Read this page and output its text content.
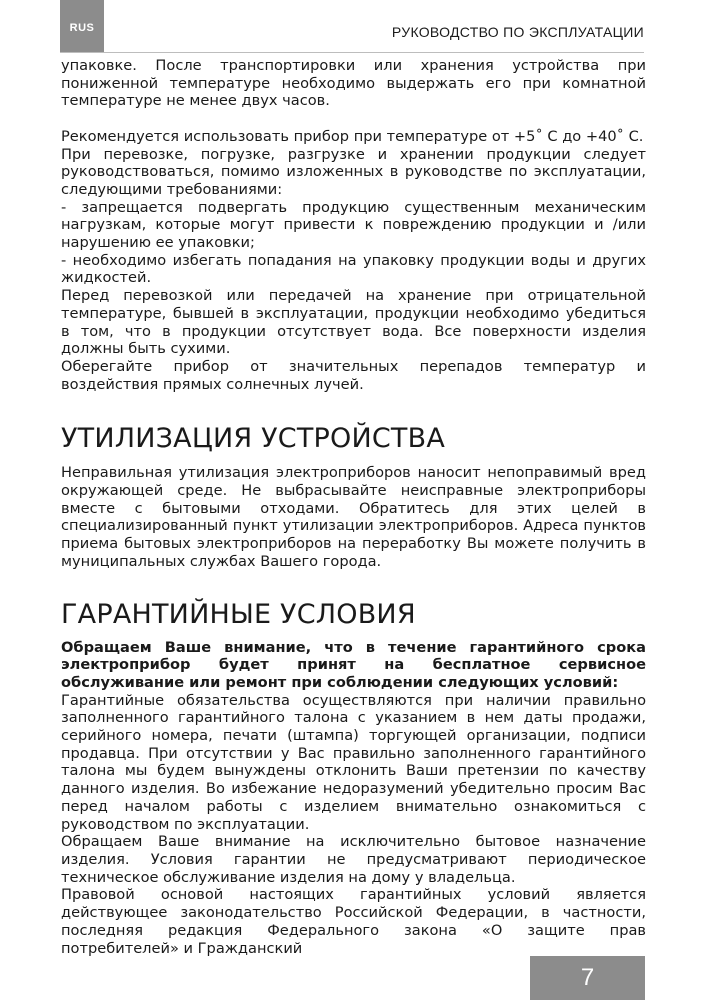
RUS	РУКОВОДСТВО ПО ЭКСПЛУАТАЦИИ

упаковке. После транспортировки или хранения устройства при пониженной температуре необходимо выдержать его при комнатной температуре не менее двух часов.

Рекомендуется использовать прибор при температуре от +5˚ С до +40˚ С.

При перевозке, погрузке, разгрузке и хранении продукции следует руководствоваться, помимо изложенных в руководстве по эксплуатации, следующими требованиями:

- запрещается подвергать продукцию существенным механическим нагрузкам, которые могут привести к повреждению продукции и /или нарушению ее упаковки;

- необходимо избегать попадания на упаковку продукции воды и других жидкостей.

Перед перевозкой или передачей на хранение при отрицательной температуре, бывшей в эксплуатации, продукции необходимо убедиться в том, что в продукции отсутствует вода. Все поверхности изделия должны быть сухими.

Оберегайте прибор от значительных перепадов температур и воздействия прямых солнечных лучей.

УТИЛИЗАЦИЯ УСТРОЙСТВА

Неправильная утилизация электроприборов наносит непоправимый вред окружающей среде. Не выбрасывайте неисправные электроприборы вместе с бытовыми отходами. Обратитесь для этих целей в специализированный пункт утилизации электроприборов. Адреса пунктов приема бытовых электроприборов на переработку Вы можете получить в муниципальных службах Вашего города.

ГАРАНТИЙНЫЕ УСЛОВИЯ

Обращаем Ваше внимание, что в течение гарантийного срока электроприбор будет принят на бесплатное сервисное обслуживание или ремонт при соблюдении следующих условий:

Гарантийные обязательства осуществляются при наличии правильно заполненного гарантийного талона с указанием в нем даты продажи, серийного номера, печати (штампа) торгующей организации, подписи продавца. При отсутствии у Вас правильно заполненного гарантийного талона мы будем вынуждены отклонить Ваши претензии по качеству данного изделия. Во избежание недоразумений убедительно просим Вас перед началом работы с изделием внимательно ознакомиться с руководством по эксплуатации.

Обращаем Ваше внимание на исключительно бытовое назначение изделия. Условия гарантии не предусматривают периодическое техническое обслуживание изделия на дому у владельца.

Правовой основой настоящих гарантийных условий является действующее законодательство Российской Федерации, в частности, последняя редакция Федерального закона «О защите прав потребителей» и Гражданский

7
